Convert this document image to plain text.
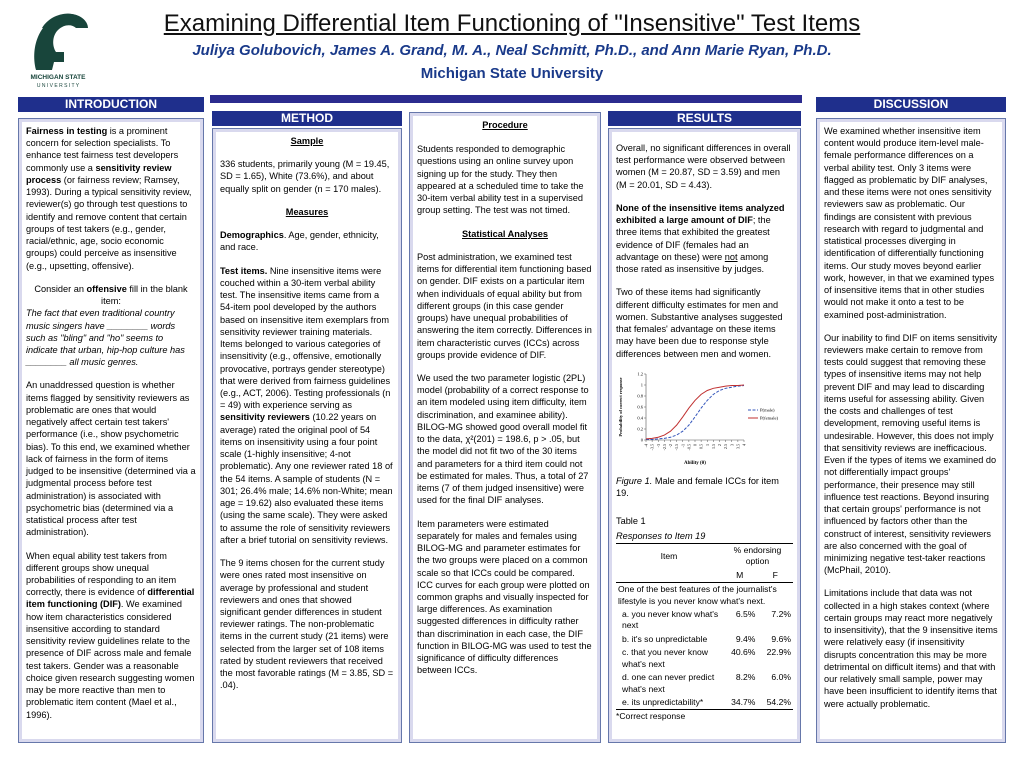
MICHIGAN STATE
U N I V E R S I T Y
Examining Differential Item Functioning of "Insensitive" Test Items
Juliya Golubovich, James A. Grand, M. A., Neal Schmitt, Ph.D., and Ann Marie Ryan, Ph.D.
Michigan State University
INTRODUCTION

Fairness in testing is a prominent concern for selection specialists. To enhance test fairness test developers commonly use a sensitivity review process (or fairness review; Ramsey, 1993). During a typical sensitivity review, reviewer(s) go through test questions to identify and remove content that certain groups of test takers (e.g., gender, racial/ethnic, age, socio economic groups) could perceive as insensitive (e.g., upsetting, offensive).

Consider an offensive fill in the blank item:

The fact that even traditional country music singers have ________ words such as "bling" and "ho" seems to indicate that urban, hip-hop culture has ________ all music genres.

An unaddressed question is whether items flagged by sensitivity reviewers as problematic are ones that would negatively affect certain test takers' performance (i.e., show psychometric bias). To this end, we examined whether lack of fairness in the form of items judged to be insensitive (determined via a judgmental process before test administration) is associated with psychometric bias (determined via a statistical process after test administration).

When equal ability test takers from different groups show unequal probabilities of responding to an item correctly, there is evidence of differential item functioning (DIF). We examined how item characteristics considered insensitive according to standard sensitivity review guidelines relate to the presence of DIF across male and female test takers. Gender was a reasonable choice given research suggesting women may be more reactive than men to problematic item content (Mael et al., 1996).

METHOD
Sample

336 students, primarily young (M = 19.45, SD = 1.65), White (73.6%), and about equally split on gender (n = 170 males).

Measures

Demographics. Age, gender, ethnicity, and race.

Test items. Nine insensitive items were couched within a 30-item verbal ability test. The insensitive items came from a 54-item pool developed by the authors based on insensitive item exemplars from sensitivity reviewer training materials. Items belonged to various categories of insensitivity (e.g., offensive, emotionally provocative, portrays gender stereotype) that were derived from fairness guidelines (e.g., ACT, 2006). Testing professionals (n = 49) with experience serving as sensitivity reviewers (10.22 years on average) rated the original pool of 54 items on insensitivity using a four point scale (1-highly insensitive; 4-not problematic). Any one reviewer rated 18 of the 54 items. A sample of students (N = 301; 26.4% male; 14.6% non-White; mean age = 19.62) also evaluated these items (using the same scale). They were asked to assume the role of sensitivity reviewers after a brief tutorial on sensitivity reviews.

The 9 items chosen for the current study were ones rated most insensitive on average by professional and student reviewers and ones that showed significant gender differences in student reviewer ratings. The non-problematic items in the current study (21 items) were selected from the larger set of 108 items rated by student reviewers that received the most favorable ratings (M = 3.85, SD = .04).

Procedure

Students responded to demographic questions using an online survey upon signing up for the study. They then appeared at a scheduled time to take the 30-item verbal ability test in a supervised group setting. The test was not timed.

Statistical Analyses

Post administration, we examined test items for differential item functioning based on gender. DIF exists on a particular item when individuals of equal ability but from different groups (in this case gender groups) have unequal probabilities of answering the item correctly. Differences in item characteristic curves (ICCs) across groups provide evidence of DIF.

We used the two parameter logistic (2PL) model (probability of a correct response to an item modeled using item difficulty, item discrimination, and examinee ability). BILOG-MG showed good overall model fit to the data, χ²(201) = 198.6, p > .05, but the model did not fit two of the 30 items and parameters for a third item could not be estimated for males. Thus, a total of 27 items (7 of them judged insensitive) were used for the final DIF analyses.

Item parameters were estimated separately for males and females using BILOG-MG and parameter estimates for the two groups were placed on a common scale so that ICCs could be compared. ICC curves for each group were plotted on common graphs and visually inspected for large differences. As examination suggested differences in difficulty rather than discrimination in each case, the DIF function in BILOG-MG was used to test the significance of difficulty differences between ICCs.

RESULTS

Overall, no significant differences in overall test performance were observed between women (M = 20.87, SD = 3.59) and men (M = 20.01, SD = 4.43).

None of the insensitive items analyzed exhibited a large amount of DIF; the three items that exhibited the greatest evidence of DIF (females had an advantage on these) were not among those rated as insensitive by judges.

Two of these items had significantly different difficulty estimates for men and women. Substantive analyses suggested that females' advantage on these items may have been due to response style differences between men and women.

0
0.2
0.4
0.6
0.8
1
1.2
-4 -3.5 -3 -2.5 -2 -1.5 -1 -0.5 0 0.5 1 1.5 2 2.5 3 3.5 4
Ability (θ)
Probability of correct response	P(male)
P(female)

Figure 1. Male and female ICCs for item 19.

Table 1
Responses to Item 19
Item	% endorsing option	
	M	F
One of the best features of the journalist's lifestyle is you never know what's next.		
a. you never know what's next	6.5%	7.2%
b. it's so unpredictable	9.4%	9.6%
c. that you never know what's next	40.6%	22.9%
d. one can never predict what's next	8.2%	6.0%
e. its unpredictability*	34.7%	54.2%
*Correct response
DISCUSSION

We examined whether insensitive item content would produce item-level male-female performance differences on a verbal ability test. Only 3 items were flagged as problematic by DIF analyses, and these items were not ones sensitivity reviewers saw as problematic. Our findings are consistent with previous research with regard to judgmental and statistical processes diverging in identification of differentially functioning items. Our study moves beyond earlier work, however, in that we examined types of insensitive items that in other studies would not make it onto a test to be examined post-administration.

Our inability to find DIF on items sensitivity reviewers make certain to remove from tests could suggest that removing these types of insensitive items may not help prevent DIF and may lead to discarding items useful for assessing ability. Given the costs and challenges of test development, removing useful items is undesirable. However, this does not imply that sensitivity reviews are inefficacious. Even if the types of items we examined do not differentially impact groups' performance, their presence may still influence test reactions. Beyond insuring that certain groups' performance is not influenced by factors other than the construct of interest, sensitivity reviewers are also concerned with the goal of minimizing negative test-taker reactions (McPhail, 2010).

Limitations include that data was not collected in a high stakes context (where certain groups may react more negatively to insensitivity), that the 9 insensitive items were relatively easy (if insensitivity disrupts concentration this may be more detrimental on difficult items) and that with our relatively small sample, power may have been insufficient to identify items that were actually problematic.
